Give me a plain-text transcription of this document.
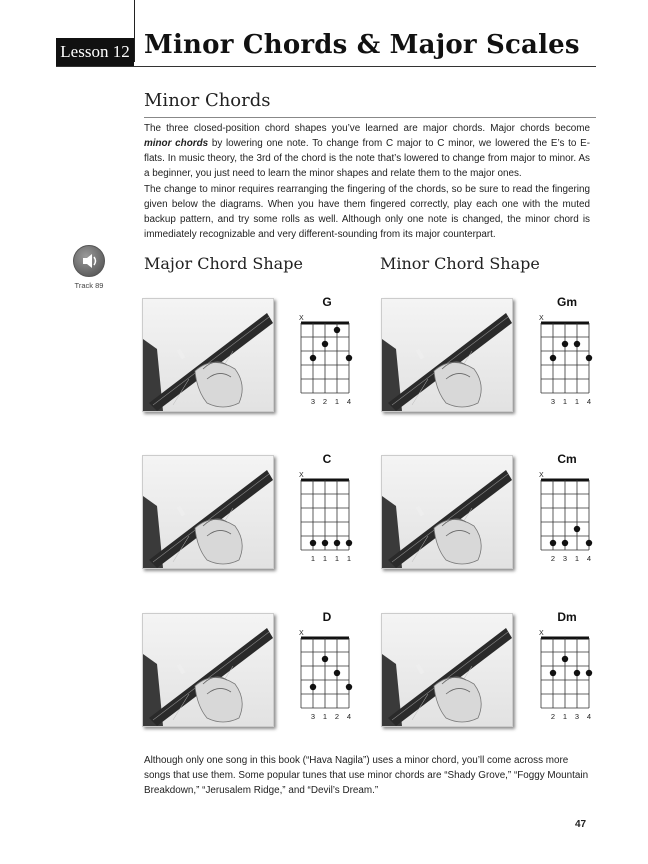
Lesson 12 Minor Chords & Major Scales
Minor Chords

The three closed-position chord shapes you’ve learned are major chords. Major chords become minor chords by lowering one note. To change from C major to C minor, we lowered the E’s to E-flats. In music theory, the 3rd of the chord is the note that’s lowered to change from major to minor. As a beginner, you just need to learn the minor shapes and relate them to the major ones.

The change to minor requires rearranging the fingering of the chords, so be sure to read the fingering given below the diagrams. When you have them fingered correctly, play each one with the muted backup pattern, and try some rolls as well. Although only one note is changed, the minor chord is immediately recognizable and very different-sounding from its major counterpart.

Track 89
Major Chord Shape	Minor Chord Shape
G
X
3 2 1 4
Gm
X
3 1 1 4
C
X
1 1 1 1
Cm
X
2 3 1 4
D
X
3 1 2 4
Dm
X
2 1 3 4

Although only one song in this book (“Hava Nagila”) uses a minor chord, you’ll come across more songs that use them. Some popular tunes that use minor chords are “Shady Grove,” “Foggy Mountain Breakdown,” “Jerusalem Ridge,” and “Devil’s Dream.”

47
